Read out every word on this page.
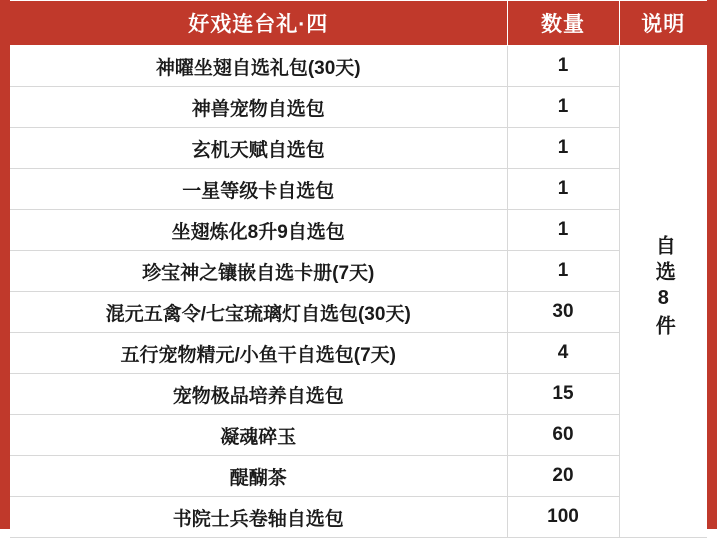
好戏连台礼·四	数量	说明
神曜坐翅自选礼包(30天)	1	自选8件
神兽宠物自选包	1	
玄机天赋自选包	1	
一星等级卡自选包	1	
坐翅炼化8升9自选包	1	
珍宝神之镶嵌自选卡册(7天)	1	
混元五禽令/七宝琉璃灯自选包(30天)	30	
五行宠物精元/小鱼干自选包(7天)	4	
宠物极品培养自选包	15	
凝魂碎玉	60	
醍醐茶	20	
书院士兵卷轴自选包	100	
